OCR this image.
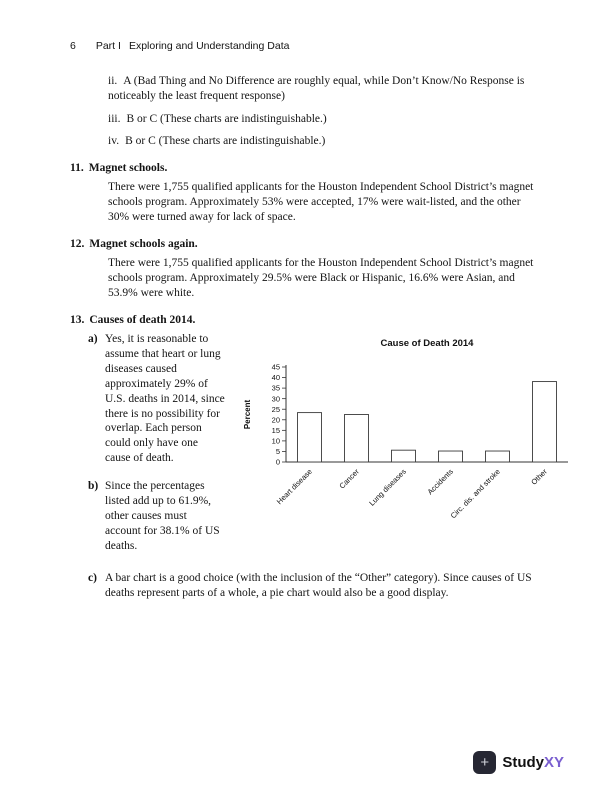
6 Part I Exploring and Understanding Data
ii. A (Bad Thing and No Difference are roughly equal, while Don’t Know/No Response is noticeably the least frequent response)
iii. B or C (These charts are indistinguishable.)
iv. B or C (These charts are indistinguishable.)
11. Magnet schools.

There were 1,755 qualified applicants for the Houston Independent School District’s magnet schools program. Approximately 53% were accepted, 17% were wait-listed, and the other 30% were turned away for lack of space.

12. Magnet schools again.

There were 1,755 qualified applicants for the Houston Independent School District’s magnet schools program. Approximately 29.5% were Black or Hispanic, 16.6% were Asian, and 53.9% were white.

13. Causes of death 2014.
a) Yes, it is reasonable to assume that heart or lung diseases caused approximately 29% of U.S. deaths in 2014, since there is no possibility for overlap. Each person could only have one cause of death.
b) Since the percentages listed add up to 61.9%, other causes must account for 38.1% of US deaths.
Cause of Death 2014
Percent
0
5
10
15
20
25
30
35
40
45
Heart disease	Cancer Lung diseases Accidents
Circ. dis. and stroke	Other
c) A bar chart is a good choice (with the inclusion of the “Other” category). Since causes of US deaths represent parts of a whole, a pie chart would also be a good display.
+ StudyXY
